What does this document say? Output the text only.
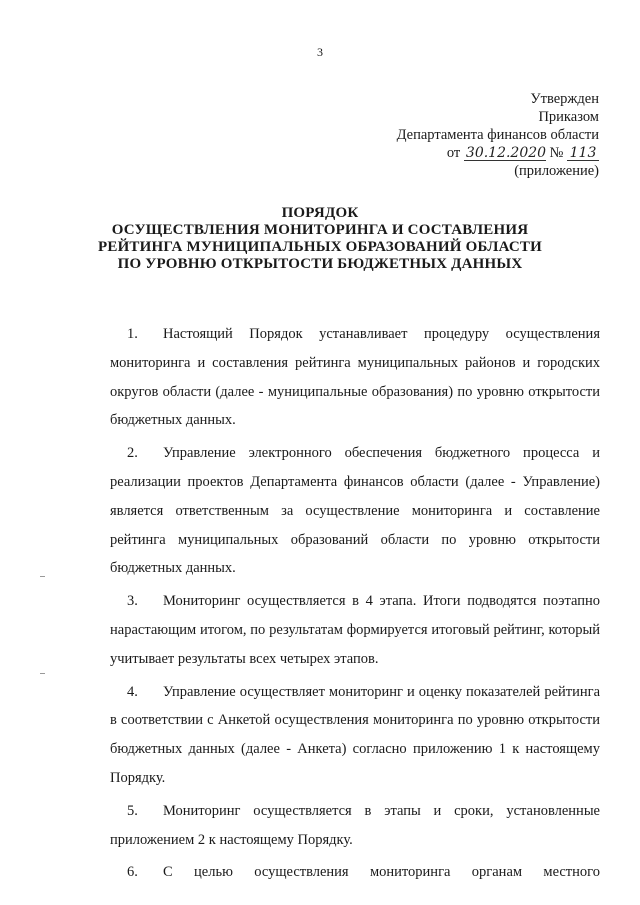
3
Утвержден
Приказом
Департамента финансов области
от 30.12.2020 № 113
(приложение)
ПОРЯДОК
ОСУЩЕСТВЛЕНИЯ МОНИТОРИНГА И СОСТАВЛЕНИЯ
РЕЙТИНГА МУНИЦИПАЛЬНЫХ ОБРАЗОВАНИЙ ОБЛАСТИ
ПО УРОВНЮ ОТКРЫТОСТИ БЮДЖЕТНЫХ ДАННЫХ

1. Настоящий Порядок устанавливает процедуру осуществления мониторинга и составления рейтинга муниципальных районов и городских округов области (далее - муниципальные образования) по уровню открытости бюджетных данных.

2. Управление электронного обеспечения бюджетного процесса и реализации проектов Департамента финансов области (далее - Управление) является ответственным за осуществление мониторинга и составление рейтинга муниципальных образований области по уровню открытости бюджетных данных.

3. Мониторинг осуществляется в 4 этапа. Итоги подводятся поэтапно нарастающим итогом, по результатам формируется итоговый рейтинг, который учитывает результаты всех четырех этапов.

4. Управление осуществляет мониторинг и оценку показателей рейтинга в соответствии с Анкетой осуществления мониторинга по уровню открытости бюджетных данных (далее - Анкета) согласно приложению 1 к настоящему Порядку.

5. Мониторинг осуществляется в этапы и сроки, установленные приложением 2 к настоящему Порядку.

6. С целью осуществления мониторинга органам местного
